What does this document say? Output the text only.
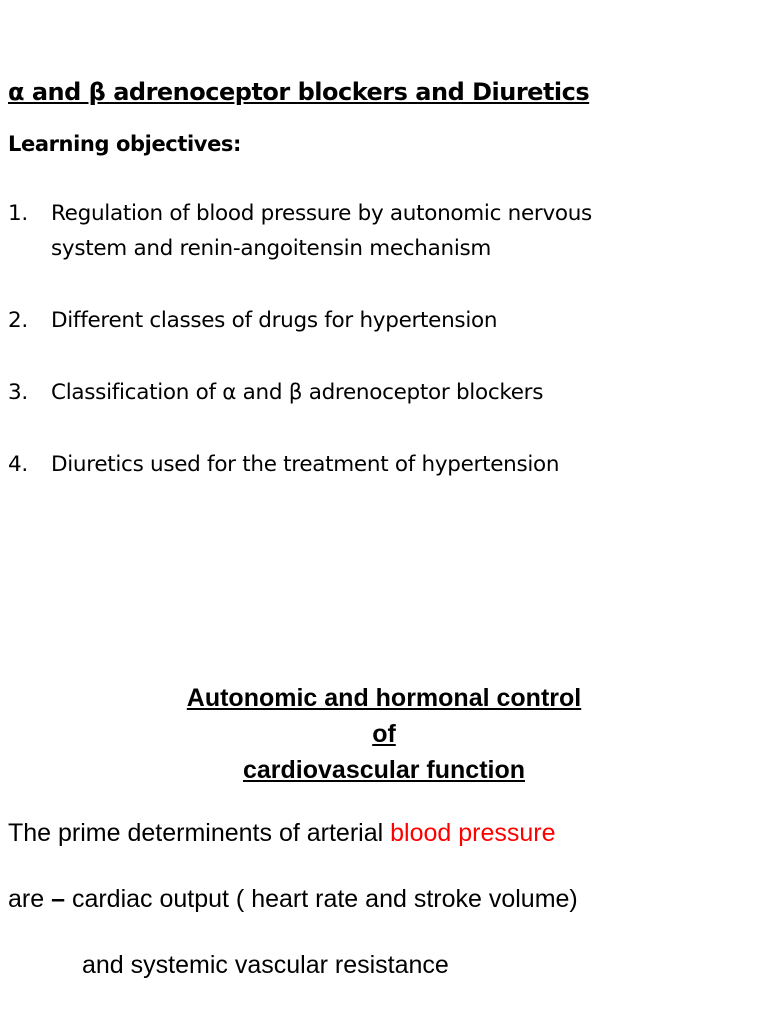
α and β adrenoceptor blockers and Diuretics
Learning objectives:
1.	Regulation of blood pressure by autonomic nervous
system and renin-angoitensin mechanism
2.	Different classes of drugs for hypertension
3.	Classification of α and β adrenoceptor blockers
4.	Diuretics used for the treatment of hypertension
Autonomic and hormonal control
of
cardiovascular function

The prime determinents of arterial blood pressure

are – cardiac output ( heart rate and stroke volume)

and systemic vascular resistance
